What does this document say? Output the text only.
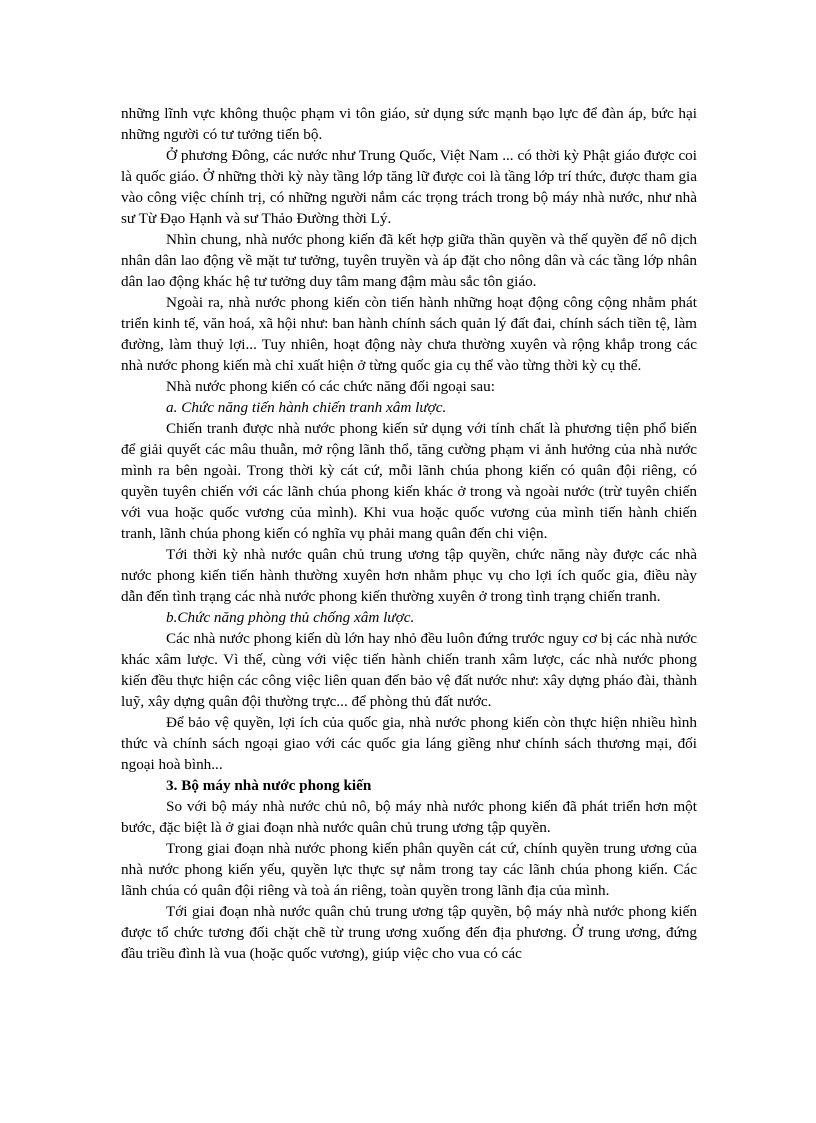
những lĩnh vực không thuộc phạm vi tôn giáo, sử dụng sức mạnh bạo lực để đàn áp, bức hại những người có tư tưởng tiến bộ.

Ở phương Đông, các nước như Trung Quốc, Việt Nam ... có thời kỳ Phật giáo được coi là quốc giáo. Ở những thời kỳ này tầng lớp tăng lữ được coi là tầng lớp trí thức, được tham gia vào công việc chính trị, có những người nắm các trọng trách trong bộ máy nhà nước, như nhà sư Từ Đạo Hạnh và sư Thảo Đường thời Lý.

Nhìn chung, nhà nước phong kiến đã kết hợp giữa thần quyền và thế quyền để nô dịch nhân dân lao động về mặt tư tưởng, tuyên truyền và áp đặt cho nông dân và các tầng lớp nhân dân lao động khác hệ tư tưởng duy tâm mang đậm màu sắc tôn giáo.

Ngoài ra, nhà nước phong kiến còn tiến hành những hoạt động công cộng nhằm phát triển kinh tế, văn hoá, xã hội như: ban hành chính sách quản lý đất đai, chính sách tiền tệ, làm đường, làm thuỷ lợi... Tuy nhiên, hoạt động này chưa thường xuyên và rộng khắp trong các nhà nước phong kiến mà chỉ xuất hiện ở từng quốc gia cụ thể vào từng thời kỳ cụ thể.

Nhà nước phong kiến có các chức năng đối ngoại sau:

a. Chức năng tiến hành chiến tranh xâm lược.

Chiến tranh được nhà nước phong kiến sử dụng với tính chất là phương tiện phổ biến để giải quyết các mâu thuẫn, mở rộng lãnh thổ, tăng cường phạm vi ảnh hưởng của nhà nước mình ra bên ngoài. Trong thời kỳ cát cứ, mỗi lãnh chúa phong kiến có quân đội riêng, có quyền tuyên chiến với các lãnh chúa phong kiến khác ở trong và ngoài nước (trừ tuyên chiến với vua hoặc quốc vương của mình). Khi vua hoặc quốc vương của mình tiến hành chiến tranh, lãnh chúa phong kiến có nghĩa vụ phải mang quân đến chi viện.

Tới thời kỳ nhà nước quân chủ trung ương tập quyền, chức năng này được các nhà nước phong kiến tiến hành thường xuyên hơn nhằm phục vụ cho lợi ích quốc gia, điều này dẫn đến tình trạng các nhà nước phong kiến thường xuyên ở trong tình trạng chiến tranh.

b.Chức năng phòng thủ chống xâm lược.

Các nhà nước phong kiến dù lớn hay nhỏ đều luôn đứng trước nguy cơ bị các nhà nước khác xâm lược. Vì thế, cùng với việc tiến hành chiến tranh xâm lược, các nhà nước phong kiến đều thực hiện các công việc liên quan đến bảo vệ đất nước như: xây dựng pháo đài, thành luỹ, xây dựng quân đội thường trực... để phòng thủ đất nước.

Để bảo vệ quyền, lợi ích của quốc gia, nhà nước phong kiến còn thực hiện nhiều hình thức và chính sách ngoại giao với các quốc gia láng giềng như chính sách thương mại, đối ngoại hoà bình...

3. Bộ máy nhà nước phong kiến

So với bộ máy nhà nước chủ nô, bộ máy nhà nước phong kiến đã phát triển hơn một bước, đặc biệt là ở giai đoạn nhà nước quân chủ trung ương tập quyền.

Trong giai đoạn nhà nước phong kiến phân quyền cát cứ, chính quyền trung ương của nhà nước phong kiến yếu, quyền lực thực sự nằm trong tay các lãnh chúa phong kiến. Các lãnh chúa có quân đội riêng và toà án riêng, toàn quyền trong lãnh địa của mình.

Tới giai đoạn nhà nước quân chủ trung ương tập quyền, bộ máy nhà nước phong kiến được tổ chức tương đối chặt chẽ từ trung ương xuống đến địa phương. Ở trung ương, đứng đầu triều đình là vua (hoặc quốc vương), giúp việc cho vua có các
